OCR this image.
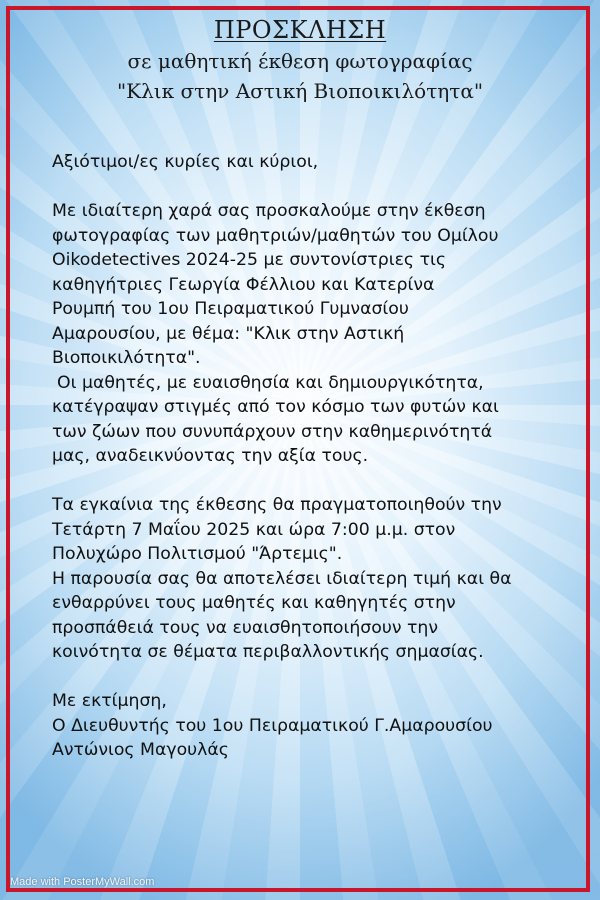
ΠΡΟΣΚΛΗΣΗ
σε μαθητική έκθεση φωτογραφίας
"Κλικ στην Αστική Βιοποικιλότητα"

Αξιότιμοι/ες κυρίες και κύριοι,

Με ιδιαίτερη χαρά σας προσκαλούμε στην έκθεση

φωτογραφίας των μαθητριών/μαθητών του Ομίλου

Oikodetectives 2024-25 με συντονίστριες τις

καθηγήτριες Γεωργία Φέλλιου και Κατερίνα

Ρουμπή του 1ου Πειραματικού Γυμνασίου

Αμαρουσίου, με θέμα: "Κλικ στην Αστική

Βιοποικιλότητα".

Οι μαθητές, με ευαισθησία και δημιουργικότητα,

κατέγραψαν στιγμές από τον κόσμο των φυτών και

των ζώων που συνυπάρχουν στην καθημερινότητά

μας, αναδεικνύοντας την αξία τους.

Τα εγκαίνια της έκθεσης θα πραγματοποιηθούν την

Τετάρτη 7 Μαΐου 2025 και ώρα 7:00 μ.μ. στον

Πολυχώρο Πολιτισμού "Άρτεμις".

Η παρουσία σας θα αποτελέσει ιδιαίτερη τιμή και θα

ενθαρρύνει τους μαθητές και καθηγητές στην

προσπάθειά τους να ευαισθητοποιήσουν την

κοινότητα σε θέματα περιβαλλοντικής σημασίας.

Με εκτίμηση,

Ο Διευθυντής του 1ου Πειραματικού Γ.Αμαρουσίου

Αντώνιος Μαγουλάς

Made with PosterMyWall.com
